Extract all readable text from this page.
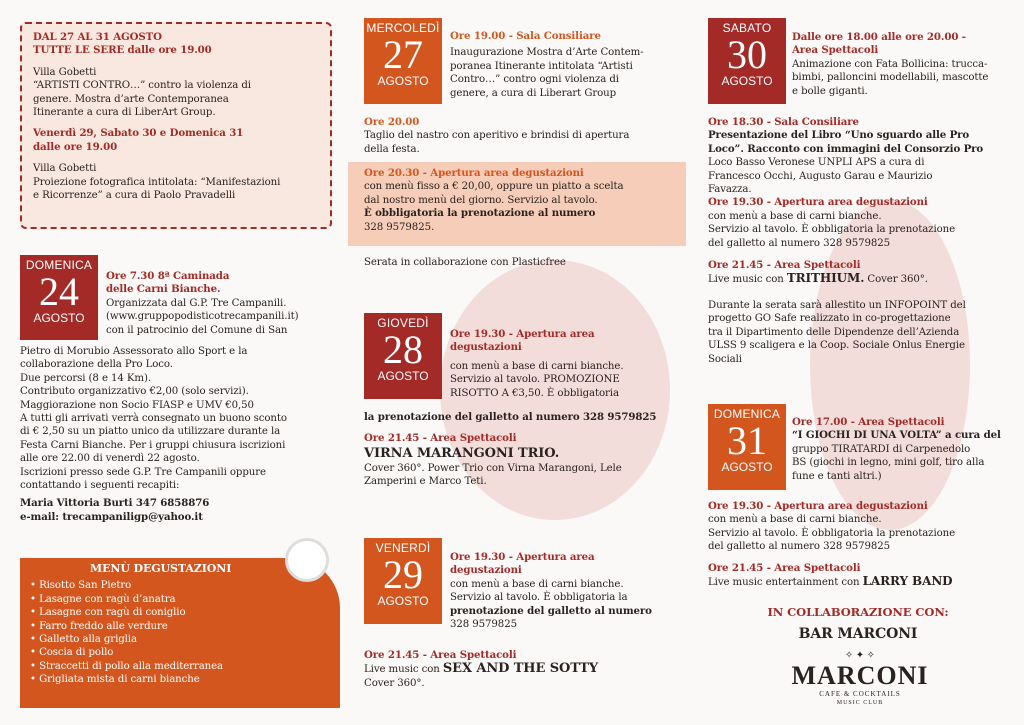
DAL 27 AL 31 AGOSTO
TUTTE LE SERE dalle ore 19.00
Villa Gobetti
“ARTISTI CONTRO…” contro la violenza di
genere. Mostra d’arte Contemporanea
Itinerante a cura di LiberArt Group.
Venerdì 29, Sabato 30 e Domenica 31
dalle ore 19.00
Villa Gobetti
Proiezione fotografica intitolata: “Manifestazioni
e Ricorrenze” a cura di Paolo Pravadelli
DOMENICA
24
AGOSTO
Ore 7.30 8ª Caminada
delle Carni Bianche.
Organizzata dal G.P. Tre Campanili.
(www.gruppopodisticotrecampanili.it)
con il patrocinio del Comune di San
Pietro di Morubio Assessorato allo Sport e la
collaborazione della Pro Loco.
Due percorsi (8 e 14 Km).
Contributo organizzativo €2,00 (solo servizi).
Maggiorazione non Socio FIASP e UMV €0,50
A tutti gli arrivati verrà consegnato un buono sconto
di € 2,50 su un piatto unico da utilizzare durante la
Festa Carni Bianche. Per i gruppi chiusura iscrizioni
alle ore 22.00 di venerdì 22 agosto.
Iscrizioni presso sede G.P. Tre Campanili oppure
contattando i seguenti recapiti:
Maria Vittoria Burti 347 6858876
e-mail: trecampaniligp@yahoo.it
MENÙ DEGUSTAZIONI
• Risotto San Pietro
• Lasagne con ragù d’anatra
• Lasagne con ragù di coniglio
• Farro freddo alle verdure
• Galletto alla griglia
• Coscia di pollo
• Straccetti di pollo alla mediterranea
• Grigliata mista di carni bianche
MERCOLEDÌ
27
AGOSTO
Ore 19.00 - Sala Consiliare
Inaugurazione Mostra d’Arte Contem-
poranea Itinerante intitolata “Artisti
Contro…” contro ogni violenza di
genere, a cura di Liberart Group
Ore 20.00
Taglio del nastro con aperitivo e brindisi di apertura
della festa.
Ore 20.30 - Apertura area degustazioni
con menù fisso a € 20,00, oppure un piatto a scelta
dal nostro menù del giorno. Servizio al tavolo.
È obbligatoria la prenotazione al numero
328 9579825.
Serata in collaborazione con Plasticfree
GIOVEDÌ
28
AGOSTO
Ore 19.30 - Apertura area
degustazioni
con menù a base di carni bianche.
Servizio al tavolo. PROMOZIONE
RISOTTO A €3,50. È obbligatoria
la prenotazione del galletto al numero 328 9579825
Ore 21.45 - Area Spettacoli
VIRNA MARANGONI TRIO.
Cover 360°. Power Trio con Virna Marangoni, Lele
Zamperini e Marco Teti.
VENERDÌ
29
AGOSTO
Ore 19.30 - Apertura area
degustazioni
con menù a base di carni bianche.
Servizio al tavolo. È obbligatoria la
prenotazione del galletto al numero
328 9579825
Ore 21.45 - Area Spettacoli
Live music con SEX AND THE SOTTY
Cover 360°.
SABATO
30
AGOSTO
Dalle ore 18.00 alle ore 20.00 -
Area Spettacoli
Animazione con Fata Bollicina: trucca-
bimbi, palloncini modellabili, mascotte
e bolle giganti.
Ore 18.30 - Sala Consiliare
Presentazione del Libro “Uno sguardo alle Pro
Loco”. Racconto con immagini del Consorzio Pro
Loco Basso Veronese UNPLI APS a cura di
Francesco Occhi, Augusto Garau e Maurizio
Favazza.
Ore 19.30 - Apertura area degustazioni
con menù a base di carni bianche.
Servizio al tavolo. È obbligatoria la prenotazione
del galletto al numero 328 9579825
Ore 21.45 - Area Spettacoli
Live music con TRITHIUM. Cover 360°.
Durante la serata sarà allestito un INFOPOINT del
progetto GO Safe realizzato in co-progettazione
tra il Dipartimento delle Dipendenze dell’Azienda
ULSS 9 scaligera e la Coop. Sociale Onlus Energie
Sociali
DOMENICA
31
AGOSTO
Ore 17.00 - Area Spettacoli
“I GIOCHI DI UNA VOLTA” a cura del
gruppo TIRATARDI di Carpenedolo
BS (giochi in legno, mini golf, tiro alla
fune e tanti altri.)
Ore 19.30 - Apertura area degustazioni
con menù a base di carni bianche.
Servizio al tavolo. È obbligatoria la prenotazione
del galletto al numero 328 9579825
Ore 21.45 - Area Spettacoli
Live music entertainment con LARRY BAND
IN COLLABORAZIONE CON:
BAR MARCONI
✧ ✦ ✧
MARCONI
CAFE & COCKTAILS
MUSIC CLUB
